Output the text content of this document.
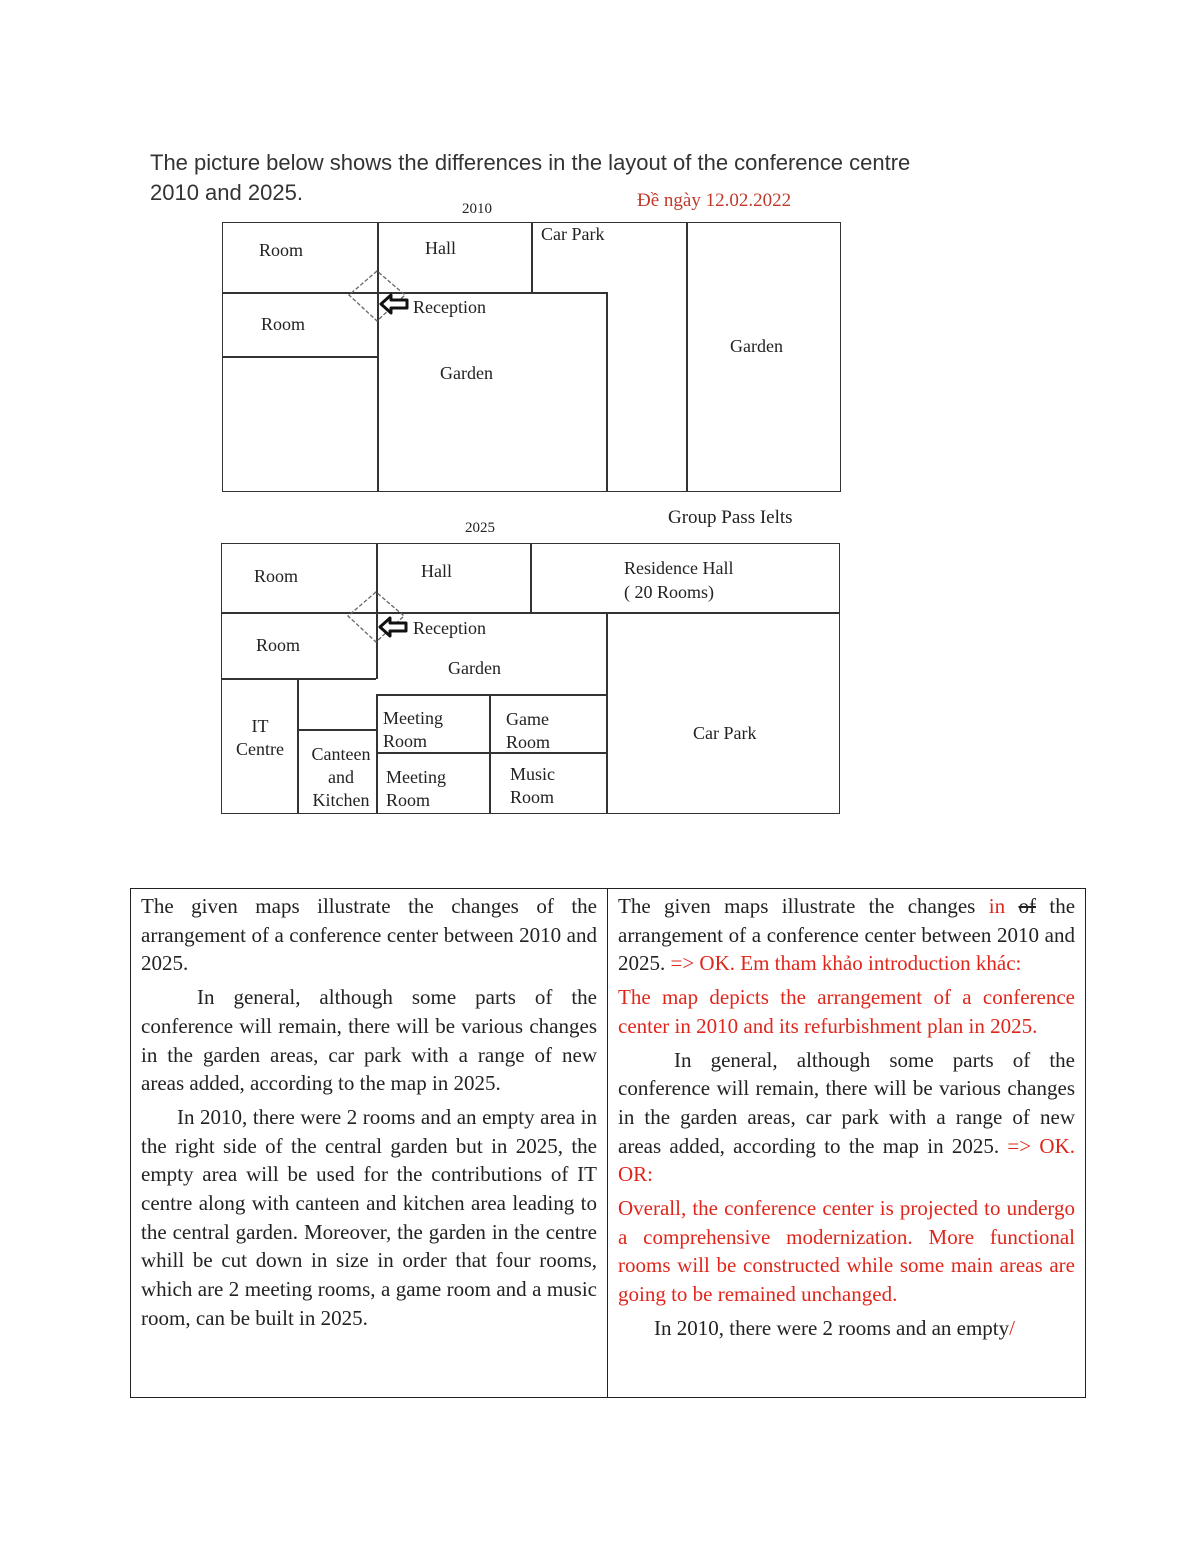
The picture below shows the differences in the layout of the conference centre
2010 and 2025.
2010	Đề ngày 12.02.2022
Room	Hall
Car Park
Room
Reception
Garden
Garden
2025	Group Pass Ielts
Room	Hall	Residence Hall
( 20 Rooms)
Room
Reception
Garden
IT
Centre	Canteen
and
Kitchen
Meeting
Room
Meeting
Room
Game
Room
Music
Room
Car Park

The given maps illustrate the changes of the arrangement of a conference center between 2010 and 2025.

In general, although some parts of the conference will remain, there will be various changes in the garden areas, car park with a range of new areas added, according to the map in 2025.

In 2010, there were 2 rooms and an empty area in the right side of the central garden but in 2025, the empty area will be used for the contributions of IT centre along with canteen and kitchen area leading to the central garden. Moreover, the garden in the centre whill be cut down in size in order that four rooms, which are 2 meeting rooms, a game room and a music room, can be built in 2025.

The given maps illustrate the changes in of the arrangement of a conference center between 2010 and 2025. => OK. Em tham khảo introduction khác:

The map depicts the arrangement of a conference center in 2010 and its refurbishment plan in 2025.

In general, although some parts of the conference will remain, there will be various changes in the garden areas, car park with a range of new areas added, according to the map in 2025. => OK. OR:

Overall, the conference center is projected to undergo a comprehensive modernization. More functional rooms will be constructed while some main areas are going to be remained unchanged.

In 2010, there were 2 rooms and an empty/
